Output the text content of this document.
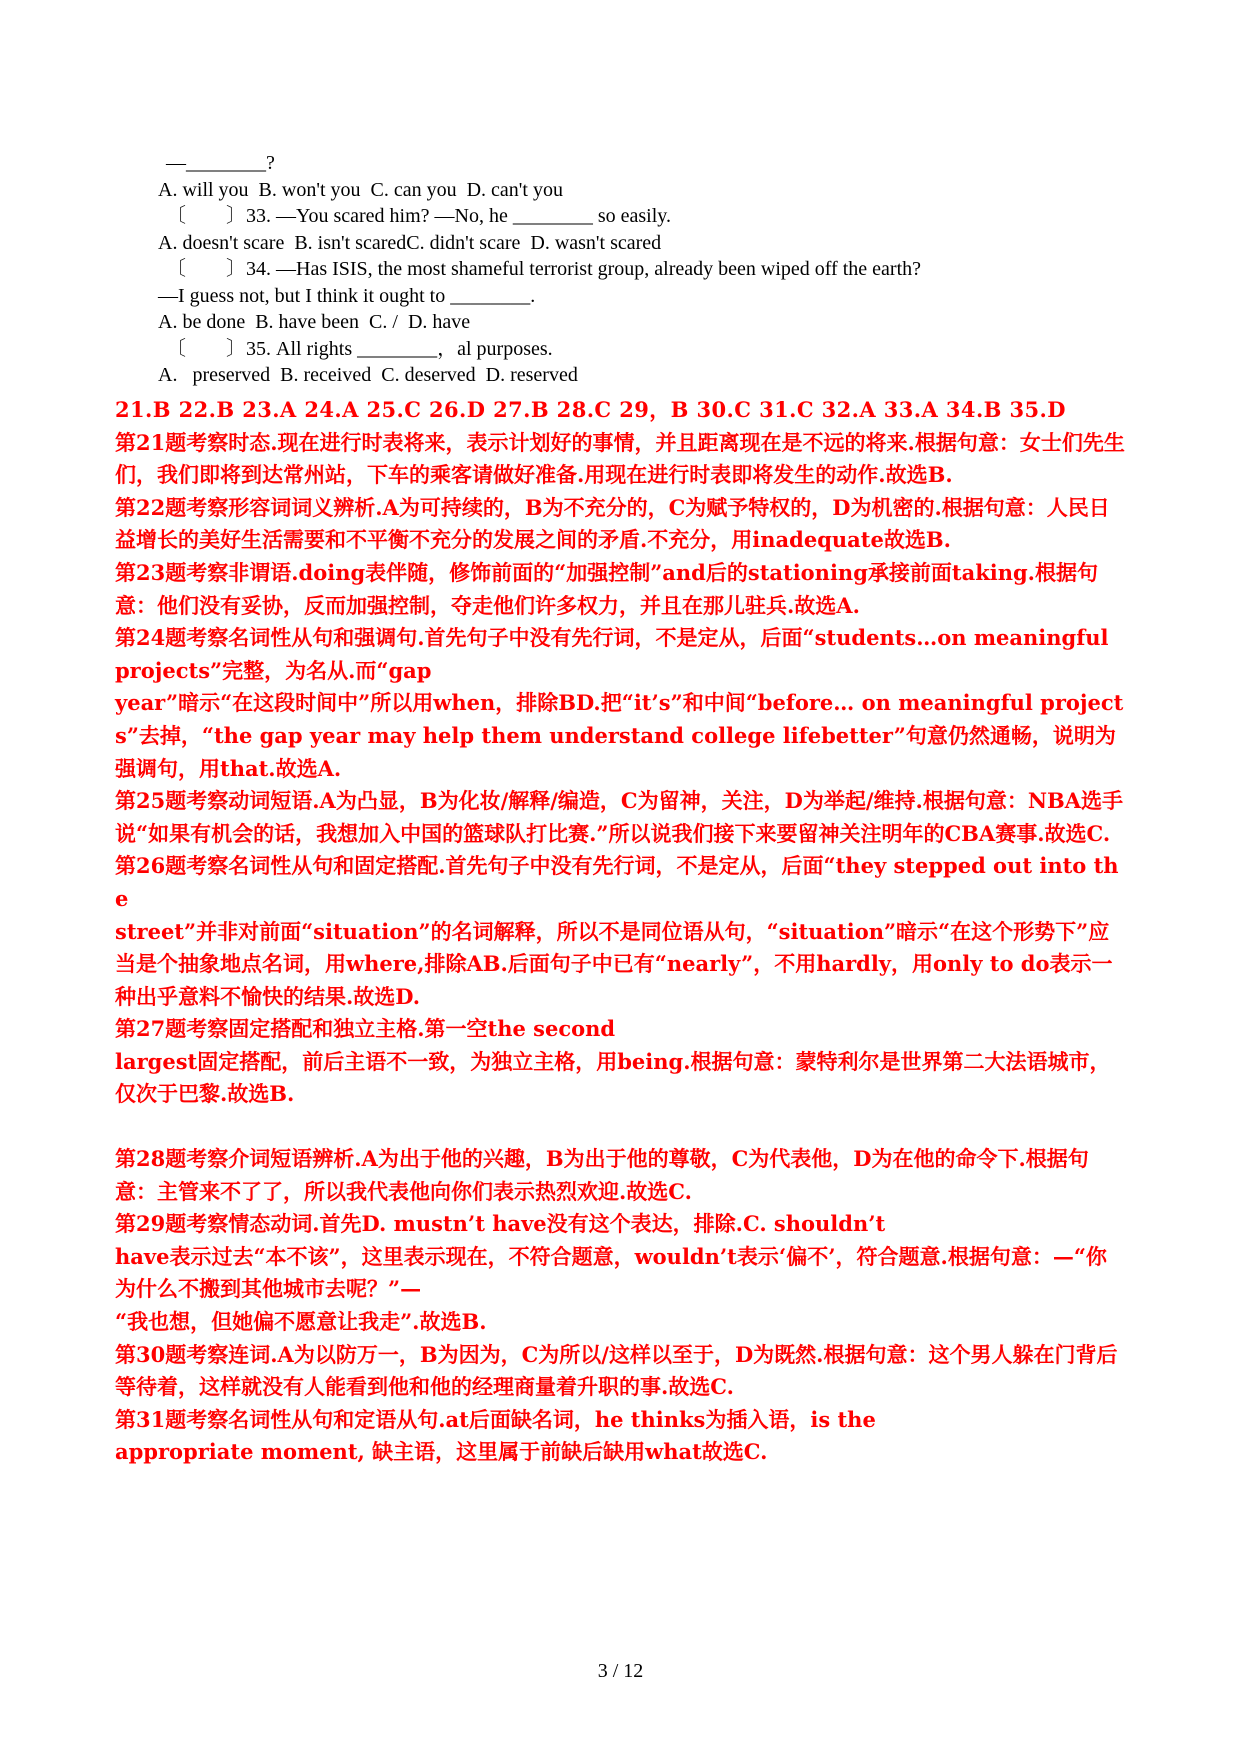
—________?
A. will you  B. won't you  C. can you  D. can't you
〔　　〕33. —You scared him? —No, he ________ so easily.
A. doesn't scare  B. isn't scaredC. didn't scare  D. wasn't scared
〔　　〕34. —Has ISIS, the most shameful terrorist group, already been wiped off the earth?
—I guess not, but I think it ought to ________.
A. be done  B. have been  C. /  D. have
〔　　〕35. All rights ________，al purposes.
A.   preserved  B. received  C. deserved  D. reserved
21.B 22.B 23.A 24.A 25.C 26.D 27.B 28.C 29，B 30.C 31.C 32.A 33.A 34.B 35.D
第21题考察时态.现在进行时表将来，表示计划好的事情，并且距离现在是不远的将来.根据句意：女士们先生们，我们即将到达常州站，下车的乘客请做好准备.用现在进行时表即将发生的动作.故选B.
第22题考察形容词词义辨析.A为可持续的，B为不充分的，C为赋予特权的，D为机密的.根据句意：人民日益增长的美好生活需要和不平衡不充分的发展之间的矛盾.不充分，用inadequate故选B.
第23题考察非谓语.doing表伴随，修饰前面的“加强控制”and后的stationing承接前面taking.根据句意：他们没有妥协，反而加强控制，夺走他们许多权力，并且在那儿驻兵.故选A.
第24题考察名词性从句和强调句.首先句子中没有先行词，不是定从，后面“students…on meaningful projects”完整，为名从.而“gap
year”暗示“在这段时间中”所以用when，排除BD.把“it’s”和中间“before… on meaningful projects”去掉，“the gap year may help them understand college lifebetter”句意仍然通畅，说明为强调句，用that.故选A.
第25题考察动词短语.A为凸显，B为化妆/解释/编造，C为留神，关注，D为举起/维持.根据句意：NBA选手说“如果有机会的话，我想加入中国的篮球队打比赛.”所以说我们接下来要留神关注明年的CBA赛事.故选C.
第26题考察名词性从句和固定搭配.首先句子中没有先行词，不是定从，后面“they stepped out into the
street”并非对前面“situation”的名词解释，所以不是同位语从句，“situation”暗示“在这个形势下”应当是个抽象地点名词，用where,排除AB.后面句子中已有“nearly”，不用hardly，用only to do表示一种出乎意料不愉快的结果.故选D.
第27题考察固定搭配和独立主格.第一空the second
largest固定搭配，前后主语不一致，为独立主格，用being.根据句意：蒙特利尔是世界第二大法语城市，仅次于巴黎.故选B.
第28题考察介词短语辨析.A为出于他的兴趣，B为出于他的尊敬，C为代表他，D为在他的命令下.根据句意：主管来不了了，所以我代表他向你们表示热烈欢迎.故选C.
第29题考察情态动词.首先D. mustn’t have没有这个表达，排除.C. shouldn’t
have表示过去“本不该”，这里表示现在，不符合题意，wouldn’t表示‘偏不’，符合题意.根据句意：—“你为什么不搬到其他城市去呢？”—
“我也想，但她偏不愿意让我走”.故选B.
第30题考察连词.A为以防万一，B为因为，C为所以/这样以至于，D为既然.根据句意：这个男人躲在门背后等待着，这样就没有人能看到他和他的经理商量着升职的事.故选C.
第31题考察名词性从句和定语从句.at后面缺名词，he thinks为插入语，is the
appropriate moment, 缺主语，这里属于前缺后缺用what故选C.
3 / 12
